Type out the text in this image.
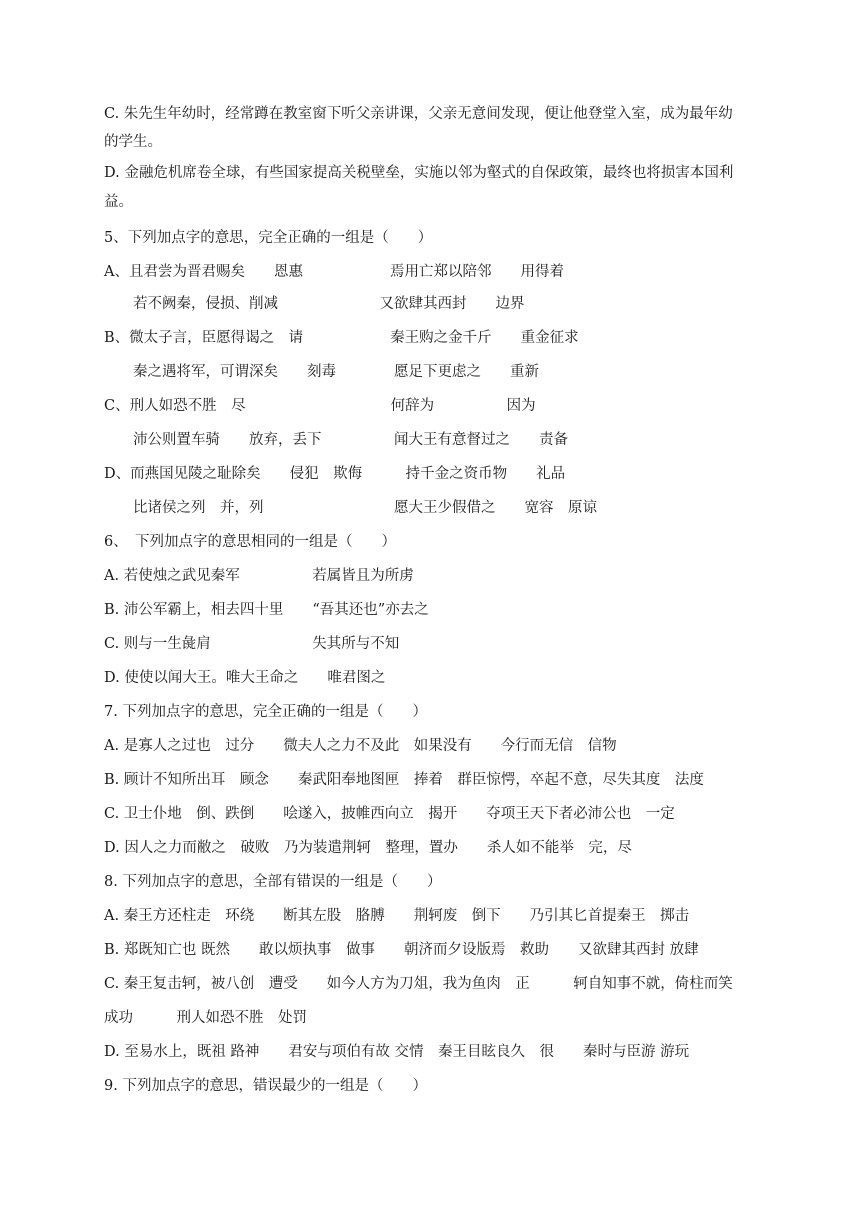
C. 朱先生年幼时，经常蹲在教室窗下听父亲讲课，父亲无意间发现，便让他登堂入室，成为最年幼
的学生。
D. 金融危机席卷全球，有些国家提高关税壁垒，实施以邻为壑式的自保政策，最终也将损害本国利
益。
5、下列加点字的意思，完全正确的一组是（　　）
A、且君尝为晋君赐矣　　恩惠　　　　　　焉用亡郑以陪邻　　用得着
　　若不阙秦，侵损、削减　　　　　　　又欲肆其西封　　边界
B、微太子言，臣愿得谒之　请　　　　　　秦王购之金千斤　　重金征求
　　秦之遇将军，可谓深矣　　刻毒　　　　愿足下更虑之　　重新
C、刑人如恐不胜　尽　　　　　　　　　　何辞为　　　　　因为
　　沛公则置车骑　　放弃，丢下　　　　　闻大王有意督过之　　责备
D、而燕国见陵之耻除矣　　侵犯　欺侮　　　持千金之资币物　　礼品
　　比诸侯之列　并，列　　　　　　　　　愿大王少假借之　　宽容　原谅
6、　下列加点字的意思相同的一组是（　　）
A. 若使烛之武见秦军　　　　　若属皆且为所虏
B. 沛公军霸上，相去四十里　　“吾其还也”亦去之
C. 则与一生彘肩　　　　　　　失其所与不知
D. 使使以闻大王。唯大王命之　　唯君图之
7. 下列加点字的意思，完全正确的一组是（　　）
A. 是寡人之过也　过分　　微夫人之力不及此　如果没有　　今行而无信　信物
B. 顾计不知所出耳　顾念　　秦武阳奉地图匣　捧着　群臣惊愕，卒起不意，尽失其度　法度
C. 卫士仆地　倒、跌倒　　哙遂入，披帷西向立　揭开　　夺项王天下者必沛公也　一定
D. 因人之力而敝之　破败　乃为装遣荆轲　整理，置办　　杀人如不能举　完，尽
8. 下列加点字的意思，全部有错误的一组是（　　）
A. 秦王方还柱走　环绕　　断其左股　胳膊　　荆轲废　倒下　　乃引其匕首提秦王　掷击
B. 郑既知亡也 既然　　敢以烦执事　做事　　朝济而夕设版焉　救助　　又欲肆其西封 放肆
C. 秦王复击轲，被八创　遭受　　如今人方为刀俎，我为鱼肉　正　　　轲自知事不就，倚柱而笑
成功　　　刑人如恐不胜　处罚
D. 至易水上，既祖 路神　　君安与项伯有故 交情　秦王目眩良久　很　　秦时与臣游 游玩
9. 下列加点字的意思，错误最少的一组是（　　）
